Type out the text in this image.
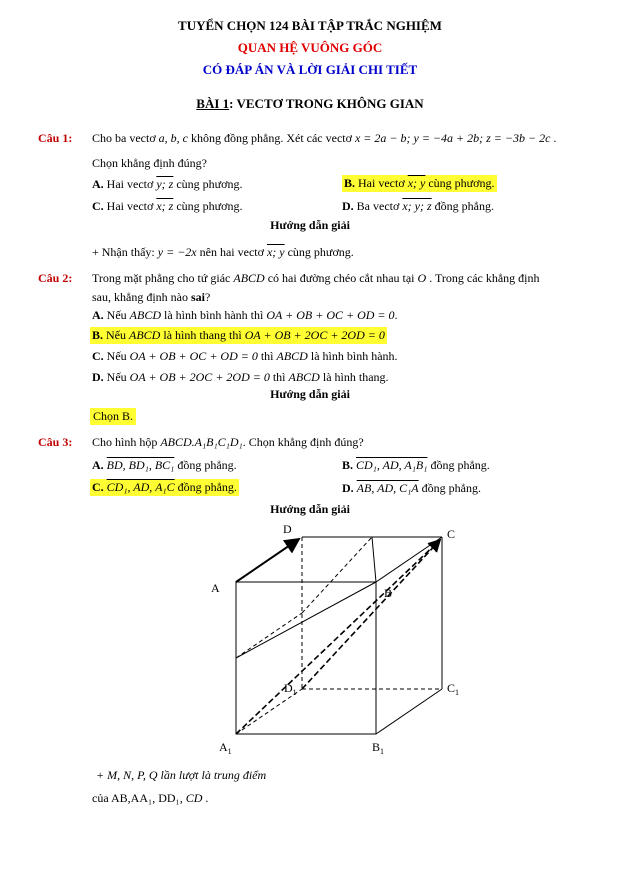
TUYỂN CHỌN 124 BÀI TẬP TRẮC NGHIỆM
QUAN HỆ VUÔNG GÓC
CÓ ĐÁP ÁN VÀ LỜI GIẢI CHI TIẾT
BÀI 1: VECTƠ TRONG KHÔNG GIAN
Câu 1: Cho ba vectơ a, b, c không đồng phẳng. Xét các vectơ x = 2a − b; y = −4a + 2b; z = −3b − 2c .
Chọn khẳng định đúng?
A. Hai vectơ y; z cùng phương.	B. Hai vectơ x; y cùng phương.
C. Hai vectơ x; z cùng phương.	D. Ba vectơ x; y; z đồng phẳng.
Hướng dẫn giải
+ Nhận thấy: y = −2x nên hai vectơ x; y cùng phương.
Câu 2: Trong mặt phẳng cho tứ giác ABCD có hai đường chéo cắt nhau tại O . Trong các khẳng định
sau, khẳng định nào sai?
A. Nếu ABCD là hình bình hành thì OA + OB + OC + OD = 0.
B. Nếu ABCD là hình thang thì OA + OB + 2OC + 2OD = 0
C. Nếu OA + OB + OC + OD = 0 thì ABCD là hình bình hành.
D. Nếu OA + OB + 2OC + 2OD = 0 thì ABCD là hình thang.
Hướng dẫn giải
Chọn B.
Câu 3: Cho hình hộp ABCD.A₁B₁C₁D₁. Chọn khẳng định đúng?
A. BD, BD₁, BC₁ đồng phẳng.	B. CD₁, AD, A₁B₁ đồng phẳng.
C. CD₁, AD, A₁C đồng phẳng.	D. AB, AD, C₁A đồng phẳng.
Hướng dẫn giải
D	C
A	B
$D_1$	$C_1$
$A_1$	$B_1$
+ M, N, P, Q lần lượt là trung điểm
của AB,AA₁, DD₁, CD .
